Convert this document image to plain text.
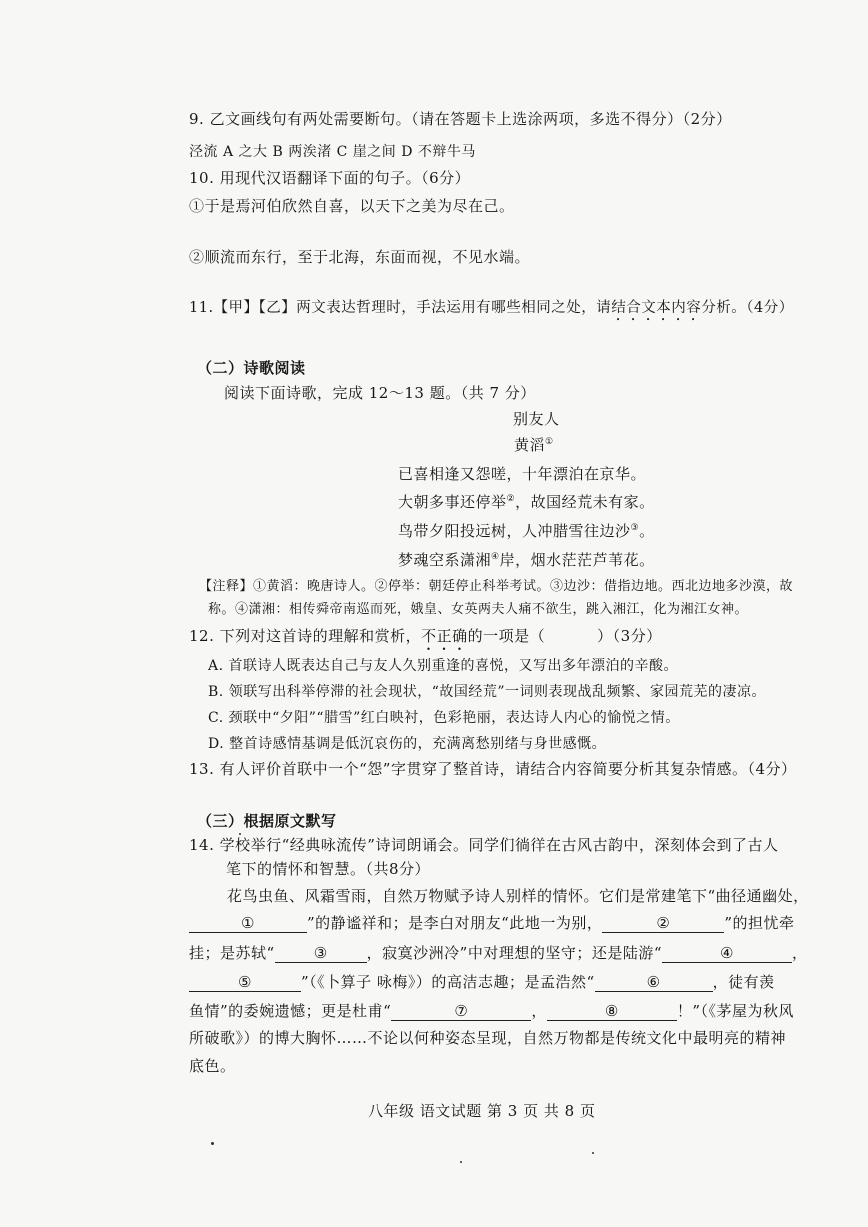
9. 乙文画线句有两处需要断句。（请在答题卡上选涂两项，多选不得分）（2分）
泾流 A 之大 B 两涘渚 C 崖之间 D 不辩牛马
10. 用现代汉语翻译下面的句子。（6分）
①于是焉河伯欣然自喜，以天下之美为尽在己。
②顺流而东行，至于北海，东面而视，不见水端。
11.【甲】【乙】两文表达哲理时，手法运用有哪些相同之处，请结合文本内容分析。（4分）
（二）诗歌阅读
阅读下面诗歌，完成 12～13 题。（共 7 分）
别友人
黄滔①
已喜相逢又怨嗟，十年漂泊在京华。
大朝多事还停举②，故国经荒未有家。
鸟带夕阳投远树，人冲腊雪往边沙③。
梦魂空系潇湘④岸，烟水茫茫芦苇花。
【注释】①黄滔：晚唐诗人。②停举：朝廷停止科举考试。③边沙：借指边地。西北边地多沙漠，故
称。④潇湘：相传舜帝南巡而死，娥皇、女英两夫人痛不欲生，跳入湘江，化为湘江女神。
12. 下列对这首诗的理解和赏析，不正确的一项是（	）（3分）
A. 首联诗人既表达自己与友人久别重逢的喜悦，又写出多年漂泊的辛酸。
B. 领联写出科举停滞的社会现状，“故国经荒”一词则表现战乱频繁、家园荒芜的凄凉。
C. 颈联中“夕阳”“腊雪”红白映衬，色彩艳丽，表达诗人内心的愉悦之情。
D. 整首诗感情基调是低沉哀伤的，充满离愁别绪与身世感慨。
13. 有人评价首联中一个“怨”字贯穿了整首诗，请结合内容简要分析其复杂情感。（4分）
（三）根据原文默写
14. 学校举行“经典咏流传”诗词朗诵会。同学们徜徉在古风古韵中，深刻体会到了古人
笔下的情怀和智慧。（共8分）
花鸟虫鱼、风霜雪雨，自然万物赋予诗人别样的情怀。它们是常建笔下“曲径通幽处，
①	”的静谧祥和；是李白对朋友“此地一为别，	②	”的担忧牵
挂；是苏轼“	③	，寂寞沙洲冷”中对理想的坚守；还是陆游“	④	，
⑤	”（《卜算子 咏梅》）的高洁志趣；是孟浩然“	⑥	，徒有羡
鱼情”的委婉遗憾；更是杜甫“	⑦	，	⑧	！”（《茅屋为秋风
所破歌》）的博大胸怀……不论以何种姿态呈现，自然万物都是传统文化中最明亮的精神
底色。
八年级 语文试题 第 3 页 共 8 页
